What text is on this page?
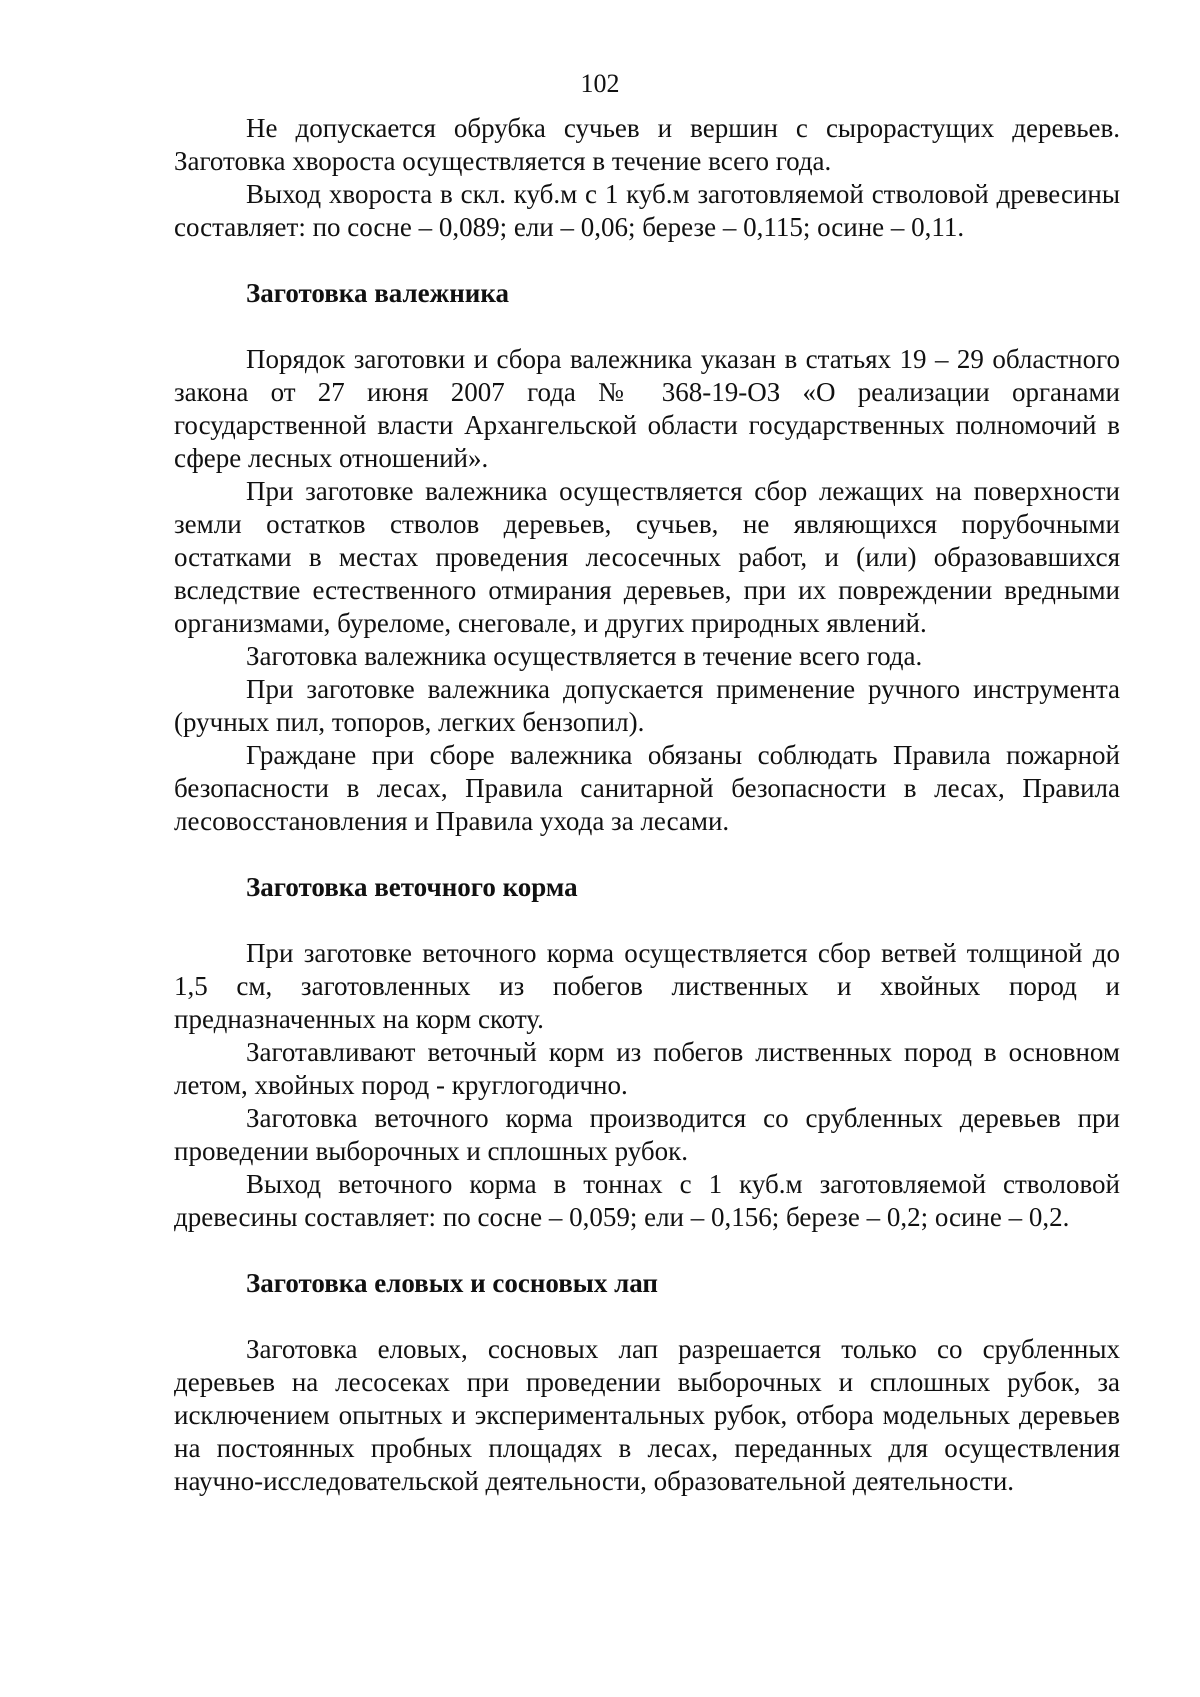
102

Не допускается обрубка сучьев и вершин с сырорастущих деревьев. Заготовка хвороста осуществляется в течение всего года.

Выход хвороста в скл. куб.м с 1 куб.м заготовляемой стволовой древесины составляет: по сосне – 0,089; ели – 0,06; березе – 0,115; осине – 0,11.

Заготовка валежника

Порядок заготовки и сбора валежника указан в статьях 19 – 29 областного закона от 27 июня 2007 года № 368-19-ОЗ «О реализации органами государственной власти Архангельской области государственных полномочий в сфере лесных отношений».

При заготовке валежника осуществляется сбор лежащих на поверхности земли остатков стволов деревьев, сучьев, не являющихся порубочными остатками в местах проведения лесосечных работ, и (или) образовавшихся вследствие естественного отмирания деревьев, при их повреждении вредными организмами, буреломе, снеговале, и других природных явлений.

Заготовка валежника осуществляется в течение всего года.

При заготовке валежника допускается применение ручного инструмента (ручных пил, топоров, легких бензопил).

Граждане при сборе валежника обязаны соблюдать Правила пожарной безопасности в лесах, Правила санитарной безопасности в лесах, Правила лесовосстановления и Правила ухода за лесами.

Заготовка веточного корма

При заготовке веточного корма осуществляется сбор ветвей толщиной до 1,5 см, заготовленных из побегов лиственных и хвойных пород и предназначенных на корм скоту.

Заготавливают веточный корм из побегов лиственных пород в основном летом, хвойных пород - круглогодично.

Заготовка веточного корма производится со срубленных деревьев при проведении выборочных и сплошных рубок.

Выход веточного корма в тоннах с 1 куб.м заготовляемой стволовой древесины составляет: по сосне – 0,059; ели – 0,156; березе – 0,2; осине – 0,2.

Заготовка еловых и сосновых лап

Заготовка еловых, сосновых лап разрешается только со срубленных деревьев на лесосеках при проведении выборочных и сплошных рубок, за исключением опытных и экспериментальных рубок, отбора модельных деревьев на постоянных пробных площадях в лесах, переданных для осуществления научно-исследовательской деятельности, образовательной деятельности.
